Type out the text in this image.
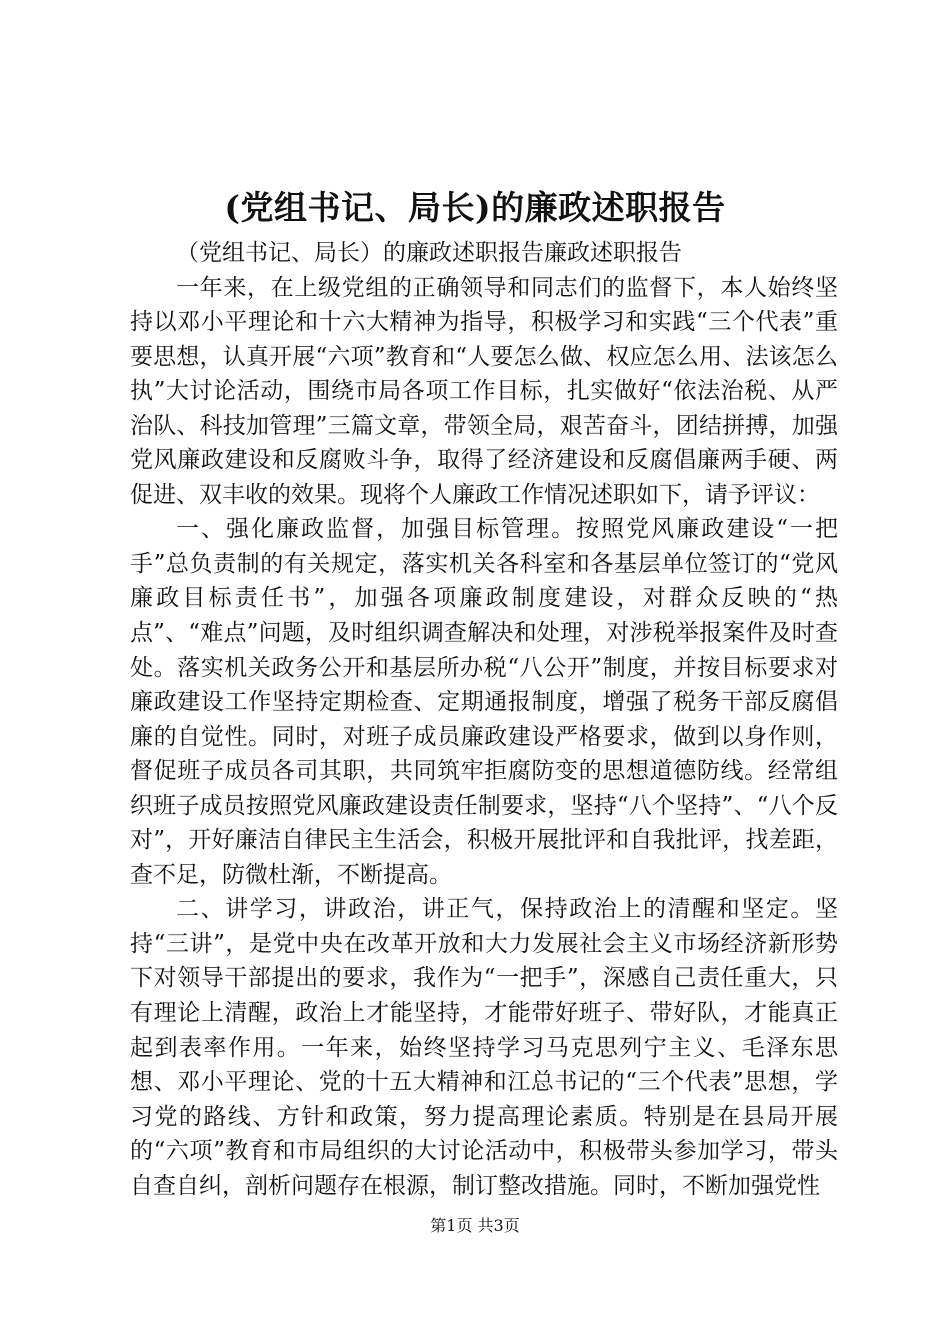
(党组书记、局长)的廉政述职报告

（党组书记、局长）的廉政述职报告廉政述职报告

一年来，在上级党组的正确领导和同志们的监督下，本人始终坚持以邓小平理论和十六大精神为指导，积极学习和实践“三个代表”重要思想，认真开展“六项”教育和“人要怎么做、权应怎么用、法该怎么执”大讨论活动，围绕市局各项工作目标，扎实做好“依法治税、从严治队、科技加管理”三篇文章，带领全局，艰苦奋斗，团结拼搏，加强党风廉政建设和反腐败斗争，取得了经济建设和反腐倡廉两手硬、两促进、双丰收的效果。现将个人廉政工作情况述职如下，请予评议：

一、强化廉政监督，加强目标管理。按照党风廉政建设“一把手”总负责制的有关规定，落实机关各科室和各基层单位签订的“党风廉政目标责任书”，加强各项廉政制度建设，对群众反映的“热点”、“难点”问题，及时组织调查解决和处理，对涉税举报案件及时查处。落实机关政务公开和基层所办税“八公开”制度，并按目标要求对廉政建设工作坚持定期检查、定期通报制度，增强了税务干部反腐倡廉的自觉性。同时，对班子成员廉政建设严格要求，做到以身作则，督促班子成员各司其职，共同筑牢拒腐防变的思想道德防线。经常组织班子成员按照党风廉政建设责任制要求，坚持“八个坚持”、“八个反对”，开好廉洁自律民主生活会，积极开展批评和自我批评，找差距，查不足，防微杜渐，不断提高。

二、讲学习，讲政治，讲正气，保持政治上的清醒和坚定。坚持“三讲”，是党中央在改革开放和大力发展社会主义市场经济新形势下对领导干部提出的要求，我作为“一把手”，深感自己责任重大，只有理论上清醒，政治上才能坚持，才能带好班子、带好队，才能真正起到表率作用。一年来，始终坚持学习马克思列宁主义、毛泽东思想、邓小平理论、党的十五大精神和江总书记的“三个代表”思想，学习党的路线、方针和政策，努力提高理论素质。特别是在县局开展的“六项”教育和市局组织的大讨论活动中，积极带头参加学习，带头自查自纠，剖析问题存在根源，制订整改措施。同时，不断加强党性

第1页 共3页
